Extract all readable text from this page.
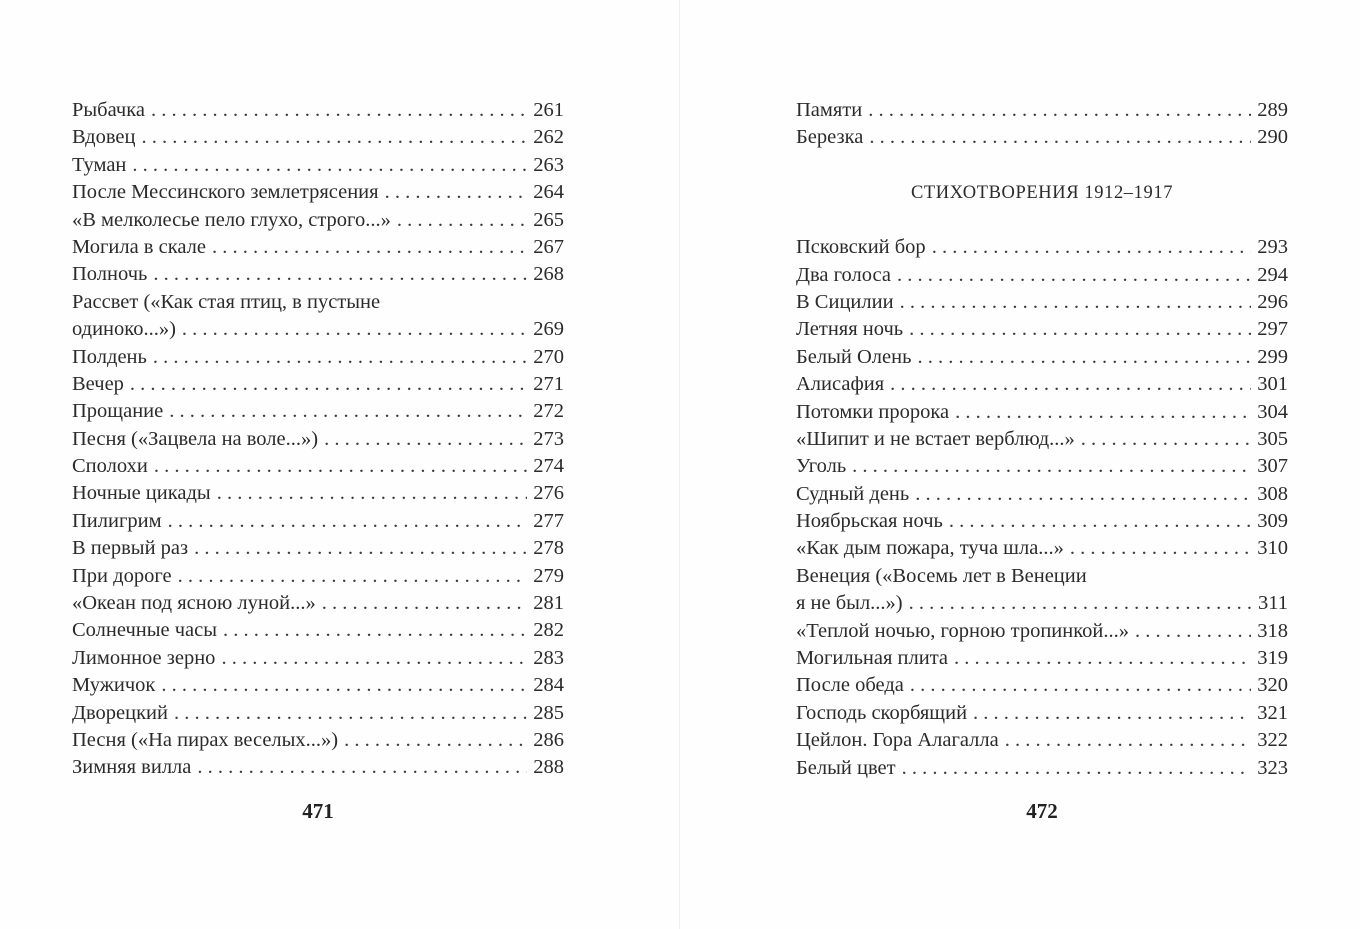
Рыбачка . . .	261
Вдовец . . .	262
Туман . . .	263
После Мессинского землетрясения . . .	264
«В мелколесье пело глухо, строго...» . . .	265
Могила в скале . . .	267
Полночь . . .	268
Рассвет («Как стая птиц, в пустыне
одиноко...») . . .	269
Полдень . . .	270
Вечер . . .	271
Прощание . . .	272
Песня («Зацвела на воле...») . . .	273
Сполохи . . .	274
Ночные цикады . . .	276
Пилигрим . . .	277
В первый раз . . .	278
При дороге . . .	279
«Океан под ясною луной...» . . .	281
Солнечные часы . . .	282
Лимонное зерно . . .	283
Мужичок . . .	284
Дворецкий . . .	285
Песня («На пирах веселых...») . . .	286
Зимняя вилла . . .	288
471
Памяти . . .	289
Березка . . .	290
СТИХОТВОРЕНИЯ 1912–1917
Псковский бор . . .	293
Два голоса . . .	294
В Сицилии . . .	296
Летняя ночь . . .	297
Белый Олень . . .	299
Алисафия . . .	301
Потомки пророка . . .	304
«Шипит и не встает верблюд...» . . .	305
Уголь . . .	307
Судный день . . .	308
Ноябрьская ночь . . .	309
«Как дым пожара, туча шла...» . . .	310
Венеция («Восемь лет в Венеции
я не был...») . . .	311
«Теплой ночью, горною тропинкой...» . . .	318
Могильная плита . . .	319
После обеда . . .	320
Господь скорбящий . . .	321
Цейлон. Гора Алагалла . . .	322
Белый цвет . . .	323
472
